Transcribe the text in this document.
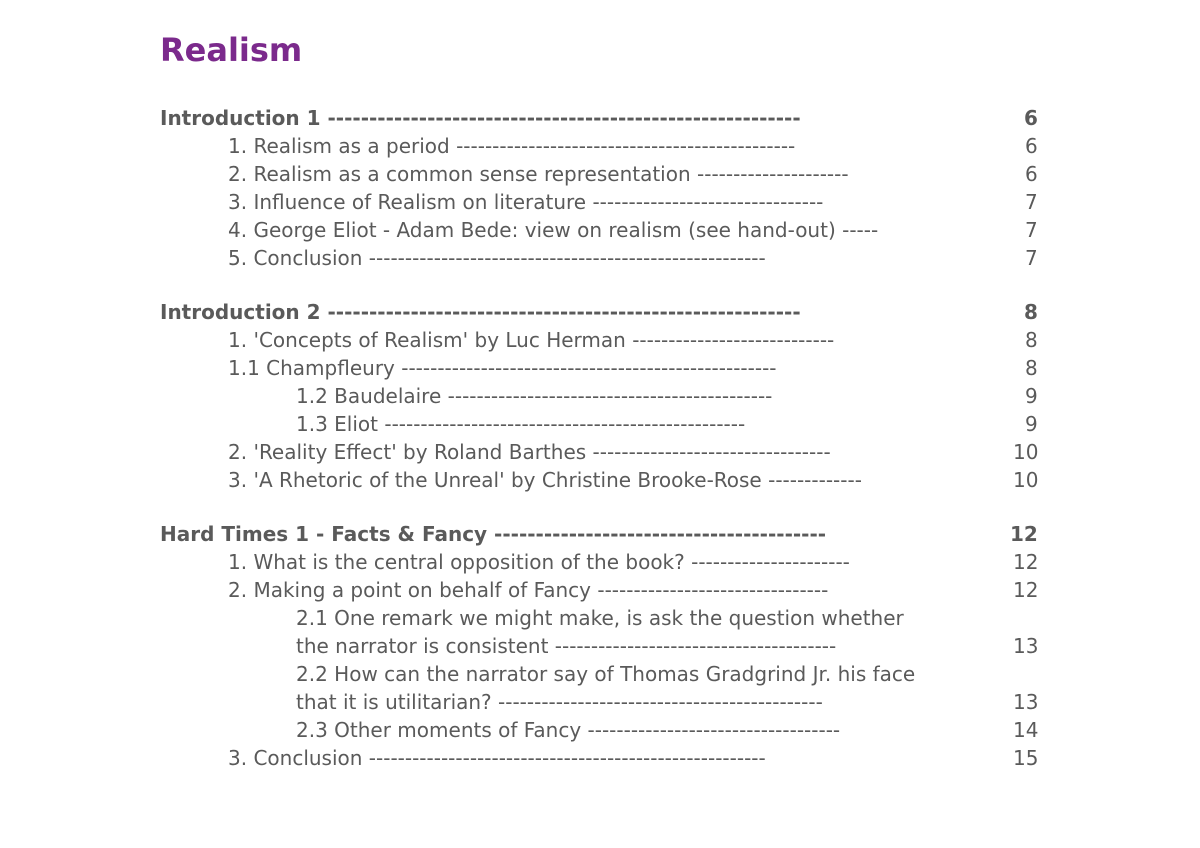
Realism
Introduction 1 ---------------------------------------------------------	6
1. Realism as a period -----------------------------------------------	6
2. Realism as a common sense representation ---------------------	6
3. Influence of Realism on literature --------------------------------	7
4. George Eliot - Adam Bede: view on realism (see hand-out) -----	7
5. Conclusion -------------------------------------------------------	7
Introduction 2 ---------------------------------------------------------	8
1. 'Concepts of Realism' by Luc Herman ----------------------------	8
1.1 Champfleury ----------------------------------------------------	8
1.2 Baudelaire ---------------------------------------------	9
1.3 Eliot --------------------------------------------------	9
2. 'Reality Effect' by Roland Barthes ---------------------------------	10
3. 'A Rhetoric of the Unreal' by Christine Brooke-Rose -------------	10
Hard Times 1 - Facts & Fancy ----------------------------------------	12
1. What is the central opposition of the book? ----------------------	12
2. Making a point on behalf of Fancy --------------------------------	12
2.1 One remark we might make, is ask the question whether
the narrator is consistent ---------------------------------------	13
2.2 How can the narrator say of Thomas Gradgrind Jr. his face
that it is utilitarian? ---------------------------------------------	13
2.3 Other moments of Fancy -----------------------------------	14
3. Conclusion -------------------------------------------------------	15
